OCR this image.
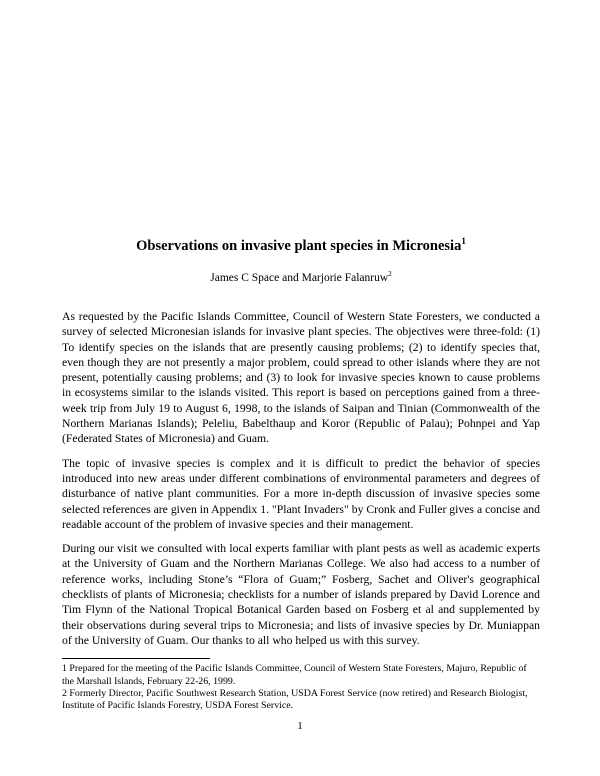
Observations on invasive plant species in Micronesia$^1$
James C Space and Marjorie Falanruw$^2$

As requested by the Pacific Islands Committee, Council of Western State Foresters, we conducted a survey of selected Micronesian islands for invasive plant species. The objectives were three-fold: (1) To identify species on the islands that are presently causing problems; (2) to identify species that, even though they are not presently a major problem, could spread to other islands where they are not present, potentially causing problems; and (3) to look for invasive species known to cause problems in ecosystems similar to the islands visited. This report is based on perceptions gained from a three-week trip from July 19 to August 6, 1998, to the islands of Saipan and Tinian (Commonwealth of the Northern Marianas Islands); Peleliu, Babelthaup and Koror (Republic of Palau); Pohnpei and Yap (Federated States of Micronesia) and Guam.

The topic of invasive species is complex and it is difficult to predict the behavior of species introduced into new areas under different combinations of environmental parameters and degrees of disturbance of native plant communities. For a more in-depth discussion of invasive species some selected references are given in Appendix 1. "Plant Invaders" by Cronk and Fuller gives a concise and readable account of the problem of invasive species and their management.

During our visit we consulted with local experts familiar with plant pests as well as academic experts at the University of Guam and the Northern Marianas College. We also had access to a number of reference works, including Stone’s “Flora of Guam;” Fosberg, Sachet and Oliver's geographical checklists of plants of Micronesia; checklists for a number of islands prepared by David Lorence and Tim Flynn of the National Tropical Botanical Garden based on Fosberg et al and supplemented by their observations during several trips to Micronesia; and lists of invasive species by Dr. Muniappan of the University of Guam. Our thanks to all who helped us with this survey.

1 Prepared for the meeting of the Pacific Islands Committee, Council of Western State Foresters, Majuro, Republic of the Marshall Islands, February 22-26, 1999.

2 Formerly Director, Pacific Southwest Research Station, USDA Forest Service (now retired) and Research Biologist, Institute of Pacific Islands Forestry, USDA Forest Service.

1
